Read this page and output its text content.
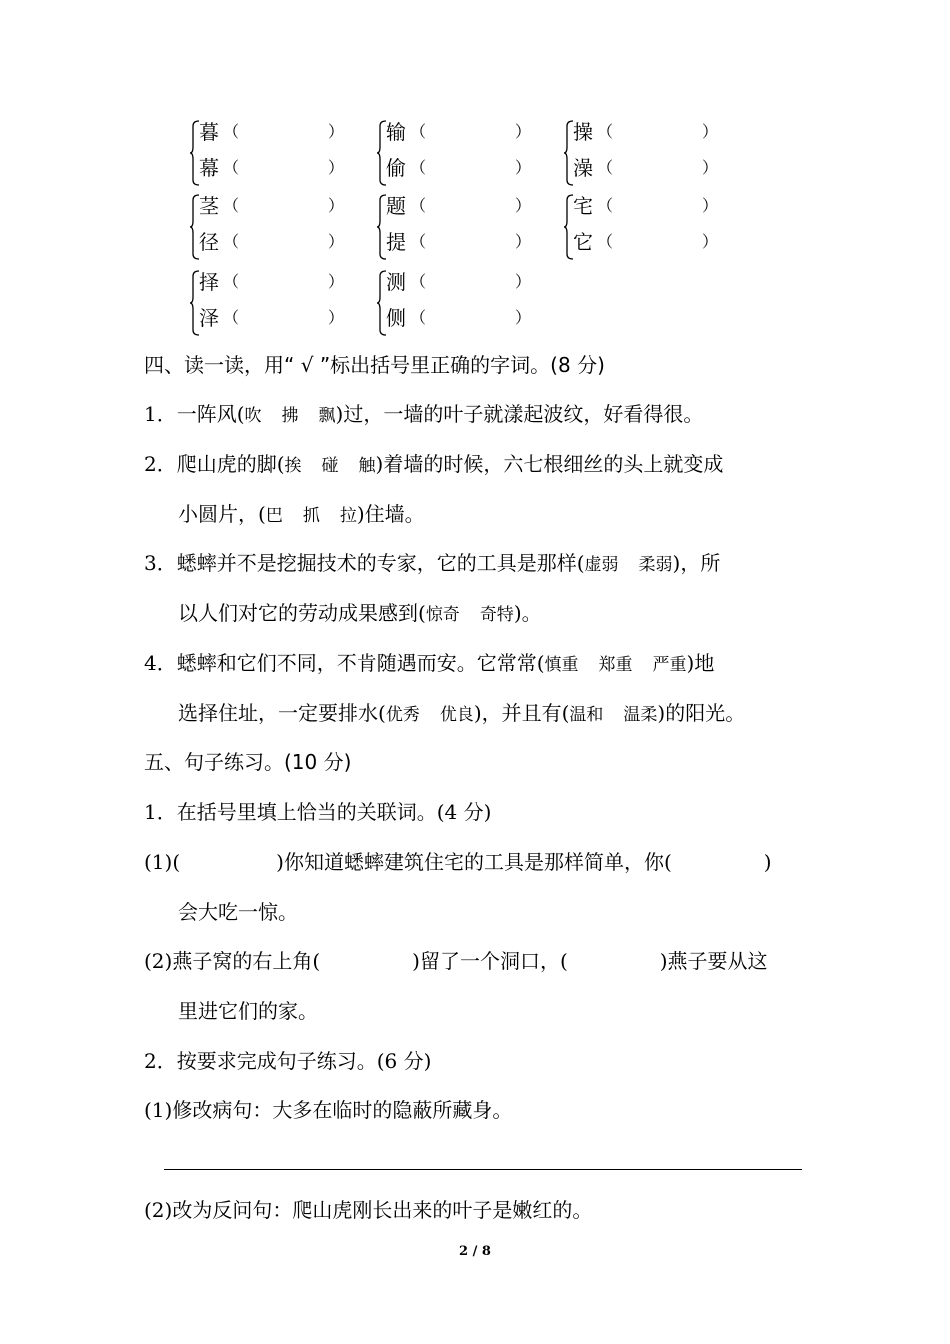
暮 （	）
幕 （	）
输 （	）
偷 （	）
操 （	）
澡 （	）
茎 （	）
径 （	）
题 （	）
提 （	）
宅 （	）
它 （	）
择 （	）
泽 （	）
测 （	）
侧 （	）
四、读一读，用“ √ ”标出括号里正确的字词。(8 分)
1．一阵风(吹  拂  飘)过，一墙的叶子就漾起波纹，好看得很。
2．爬山虎的脚(挨  碰  触)着墙的时候，六七根细丝的头上就变成
小圆片，(巴  抓  拉)住墙。
3．蟋蟀并不是挖掘技术的专家，它的工具是那样(虚弱  柔弱)，所
以人们对它的劳动成果感到(惊奇  奇特)。
4．蟋蟀和它们不同，不肯随遇而安。它常常(慎重  郑重  严重)地
选择住址，一定要排水(优秀  优良)，并且有(温和  温柔)的阳光。
五、句子练习。(10 分)
1．在括号里填上恰当的关联词。(4 分)
(1)(	)你知道蟋蟀建筑住宅的工具是那样简单，你(	)
会大吃一惊。
(2)燕子窝的右上角(	)留了一个洞口，(	)燕子要从这
里进它们的家。
2．按要求完成句子练习。(6 分)
(1)修改病句：大多在临时的隐蔽所藏身。
(2)改为反问句：爬山虎刚长出来的叶子是嫩红的。
2 / 8
